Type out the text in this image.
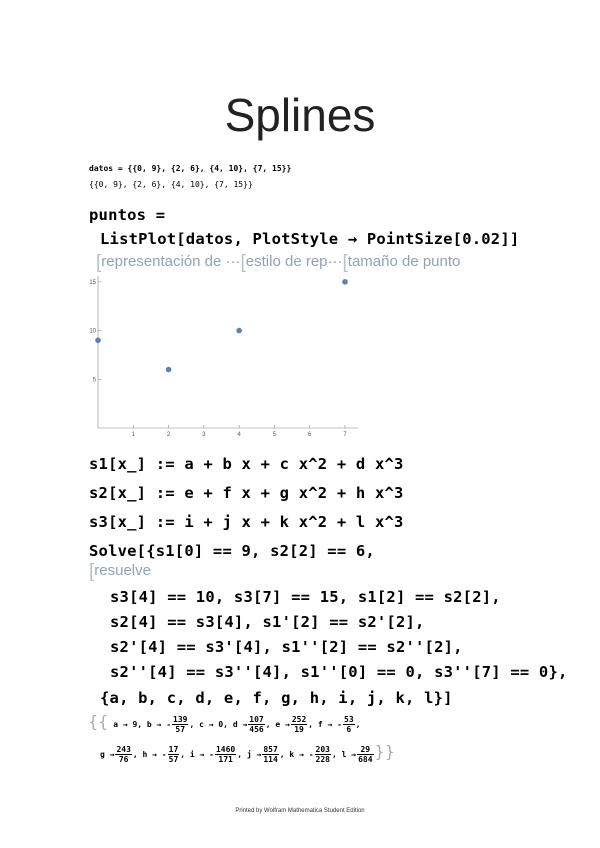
Splines
datos = {{0, 9}, {2, 6}, {4, 10}, {7, 15}}
{{0, 9}, {2, 6}, {4, 10}, {7, 15}}
puntos =
ListPlot[datos, PlotStyle → PointSize[0.02]]
[representación de ···[estilo de rep···[tamaño de punto
1	2	3	4	5	6	7
5
10
15
s1[x_] := a + b x + c x^2 + d x^3
s2[x_] := e + f x + g x^2 + h x^3
s3[x_] := i + j x + k x^2 + l x^3
Solve[{s1[0] == 9, s2[2] == 6,
[resuelve
s3[4] == 10, s3[7] == 15, s1[2] == s2[2],
s2[4] == s3[4], s1'[2] == s2'[2],
s2'[4] == s3'[4], s1''[2] == s2''[2],
s2''[4] == s3''[4], s1''[0] == 0, s3''[7] == 0},
{a, b, c, d, e, f, g, h, i, j, k, l}]
{{ a → 9, b → - $\frac{139}{57}$ , c → 0, $d \to \frac{107}{456}$ , $e \to \frac{252}{19}$ , f → - $\frac{53}{6}$ ,
$g \to \frac{243}{76}$ , h → - $\frac{17}{57}$ , i → - $\frac{1460}{171}$ , $j \to \frac{857}{114}$ , k → - $\frac{203}{228}$ , $l \to \frac{29}{684}$ }}
Printed by Wolfram Mathematica Student Edition
